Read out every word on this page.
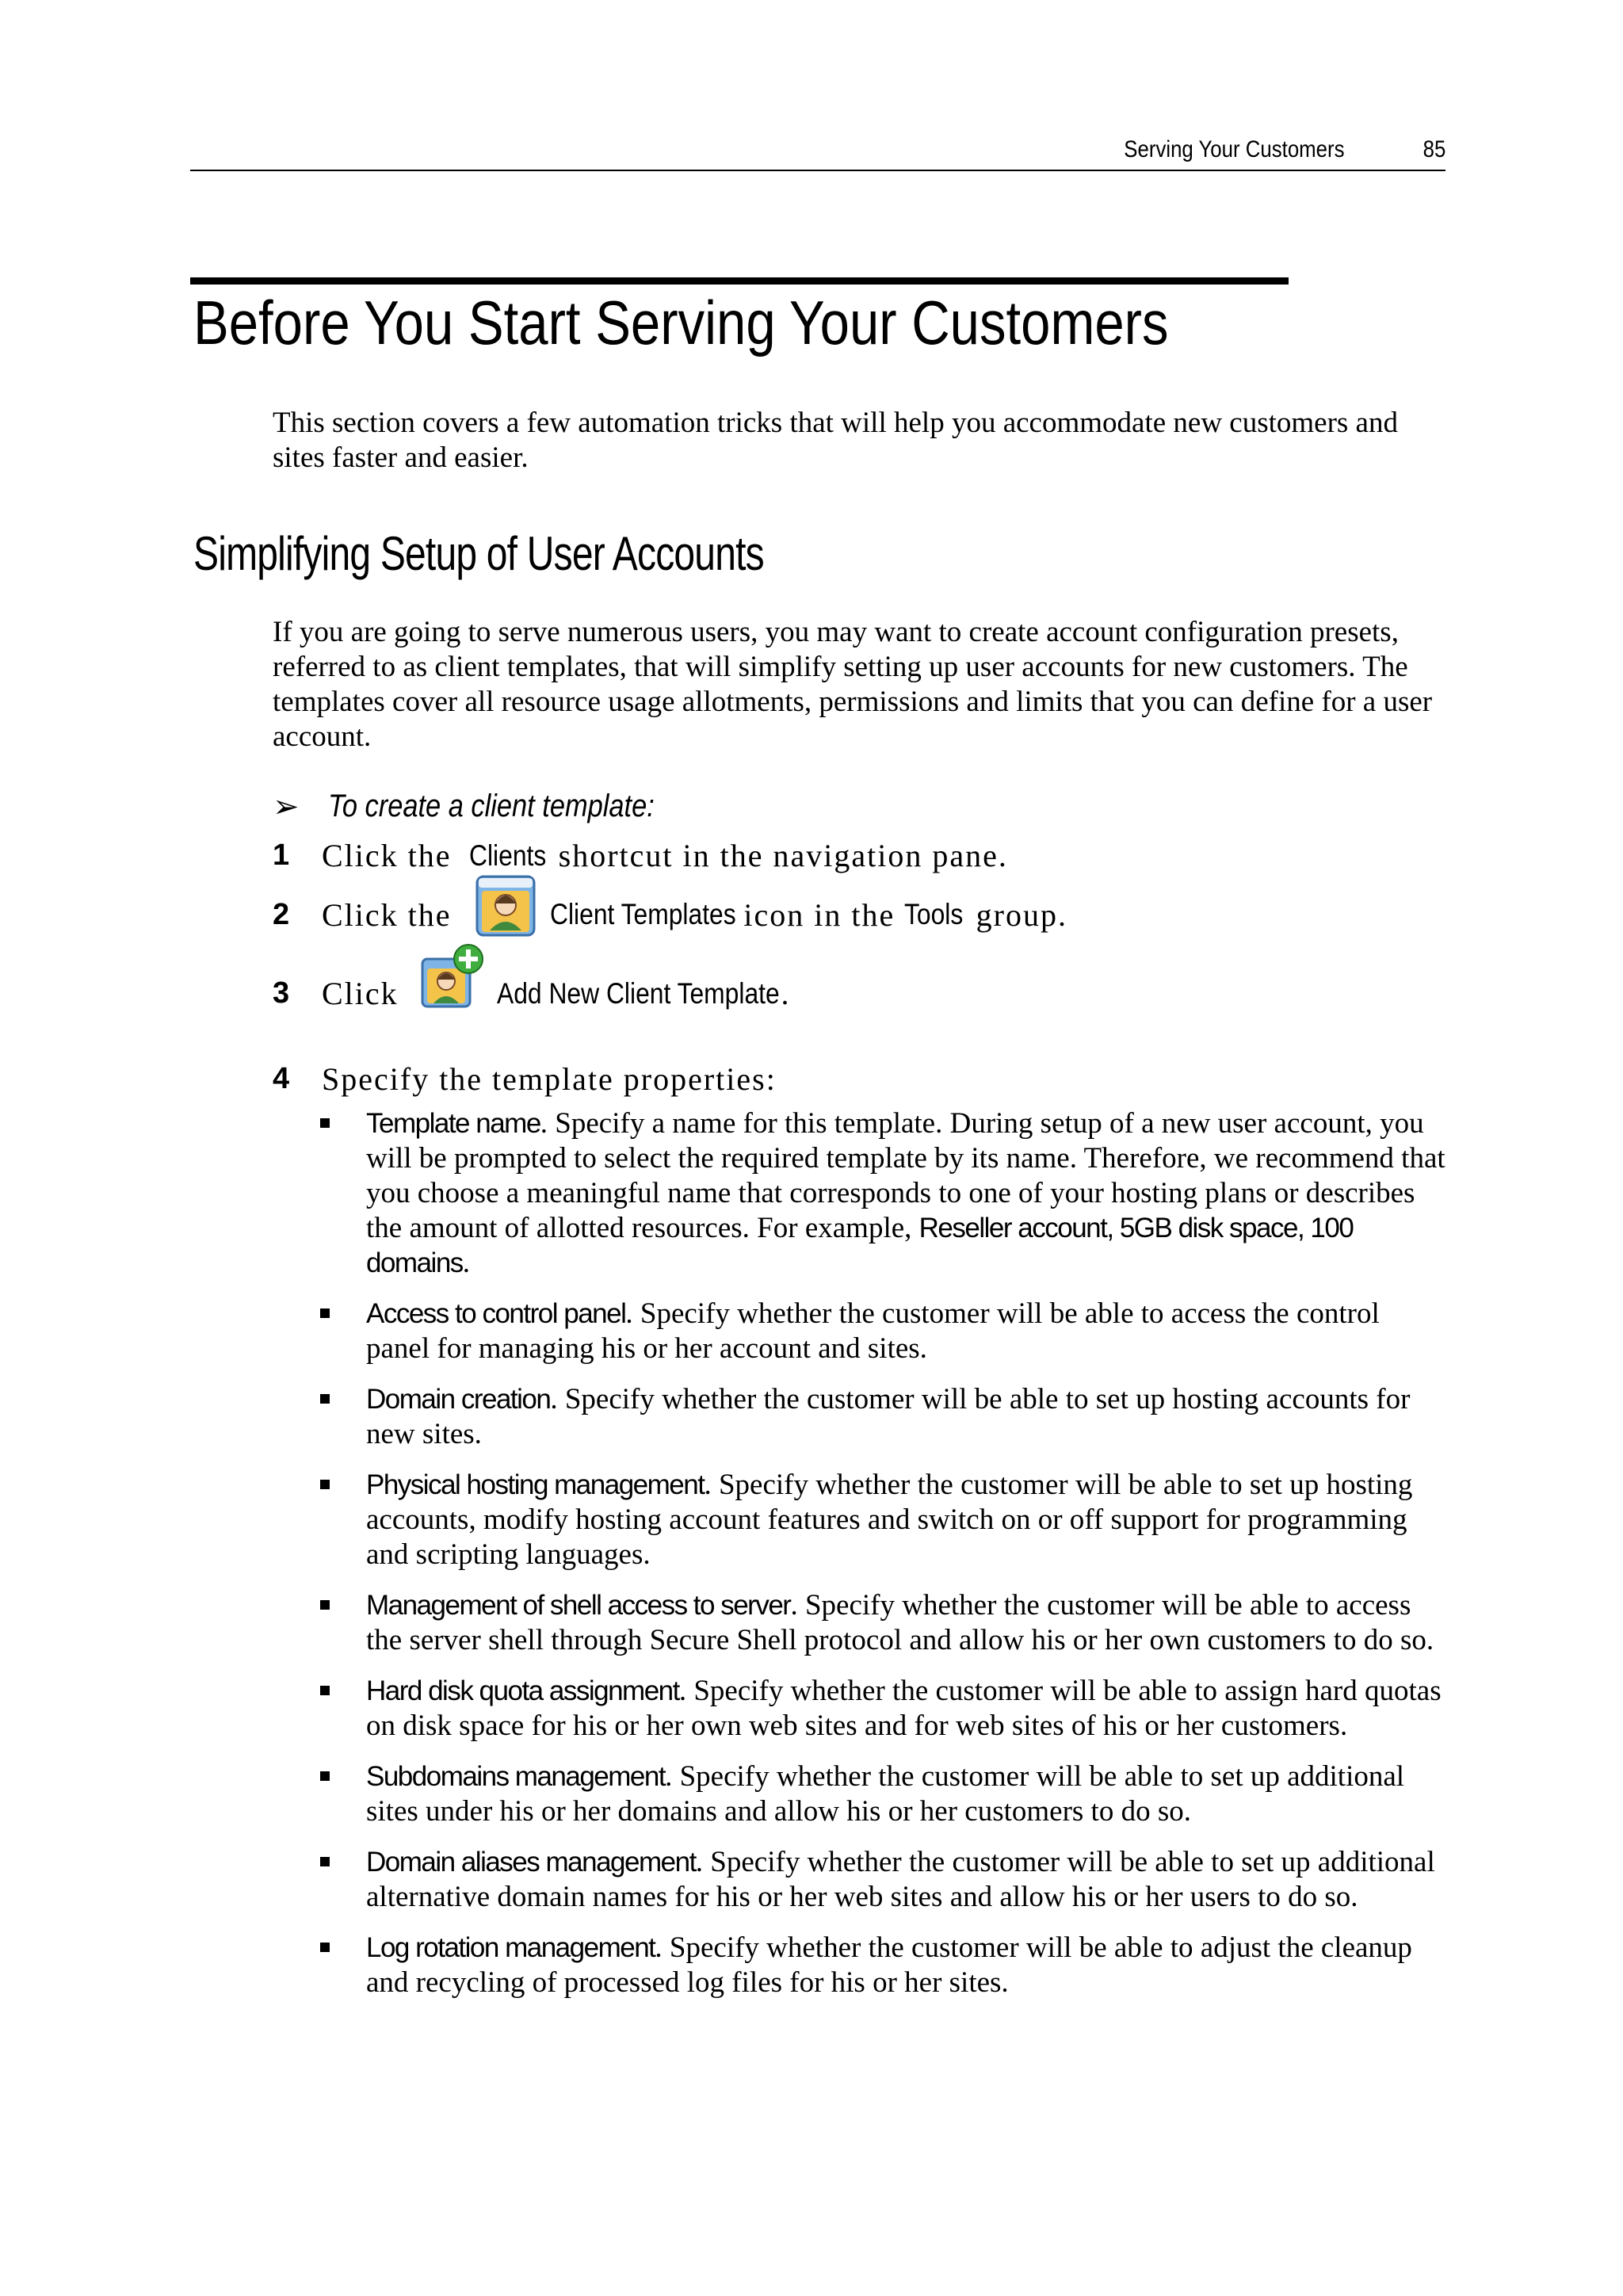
Serving Your Customers	85
Before You Start Serving Your Customers

This section covers a few automation tricks that will help you accommodate new customers and sites faster and easier.

Simplifying Setup of User Accounts

If you are going to serve numerous users, you may want to create account configuration presets, referred to as client templates, that will simplify setting up user accounts for new customers. The templates cover all resource usage allotments, permissions and limits that you can define for a user account.

➢ To create a client template:
1	Click the Clients shortcut in the navigation pane.
2	Click the	Client Templates
icon in the Tools group.
3	Click	Add New Client Template .
4	Specify the template properties:
Template name. Specify a name for this template. During setup of a new user account, you will be prompted to select the required template by its name. Therefore, we recommend that you choose a meaningful name that corresponds to one of your hosting plans or describes the amount of allotted resources. For example, Reseller account, 5GB disk space, 100 domains.
Access to control panel. Specify whether the customer will be able to access the control panel for managing his or her account and sites.
Domain creation. Specify whether the customer will be able to set up hosting accounts for new sites.
Physical hosting management. Specify whether the customer will be able to set up hosting accounts, modify hosting account features and switch on or off support for programming and scripting languages.
Management of shell access to server. Specify whether the customer will be able to access the server shell through Secure Shell protocol and allow his or her own customers to do so.
Hard disk quota assignment. Specify whether the customer will be able to assign hard quotas on disk space for his or her own web sites and for web sites of his or her customers.
Subdomains management. Specify whether the customer will be able to set up additional sites under his or her domains and allow his or her customers to do so.
Domain aliases management. Specify whether the customer will be able to set up additional alternative domain names for his or her web sites and allow his or her users to do so.
Log rotation management. Specify whether the customer will be able to adjust the cleanup and recycling of processed log files for his or her sites.
